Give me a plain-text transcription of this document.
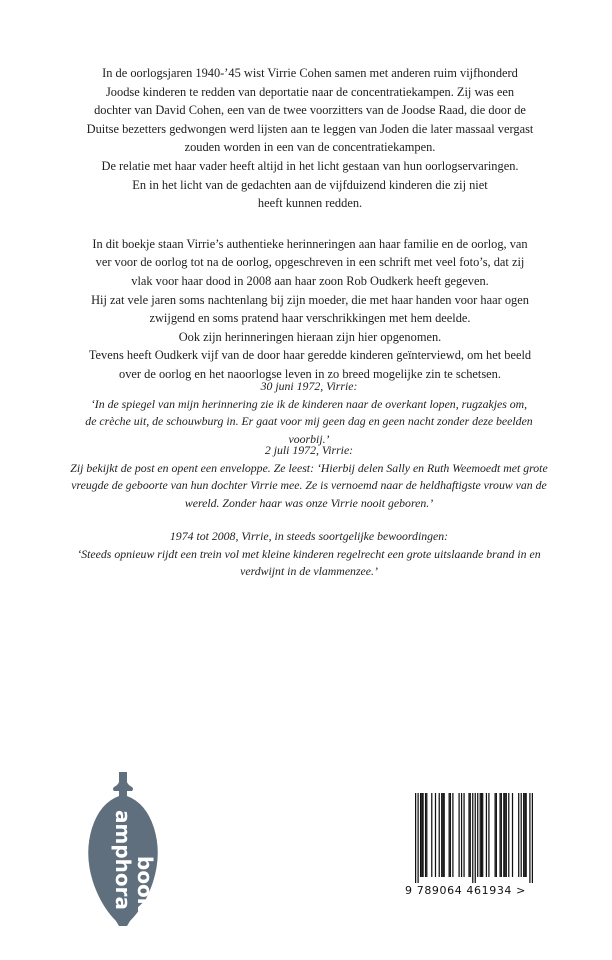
In de oorlogsjaren 1940-’45 wist Virrie Cohen samen met anderen ruim vijfhonderd

Joodse kinderen te redden van deportatie naar de concentratiekampen. Zij was een

dochter van David Cohen, een van de twee voorzitters van de Joodse Raad, die door de

Duitse bezetters gedwongen werd lijsten aan te leggen van Joden die later massaal vergast

zouden worden in een van de concentratiekampen.

De relatie met haar vader heeft altijd in het licht gestaan van hun oorlogservaringen.

En in het licht van de gedachten aan de vijfduizend kinderen die zij niet

heeft kunnen redden.

In dit boekje staan Virrie’s authentieke herinneringen aan haar familie en de oorlog, van

ver voor de oorlog tot na de oorlog, opgeschreven in een schrift met veel foto’s, dat zij

vlak voor haar dood in 2008 aan haar zoon Rob Oudkerk heeft gegeven.

Hij zat vele jaren soms nachtenlang bij zijn moeder, die met haar handen voor haar ogen

zwijgend en soms pratend haar verschrikkingen met hem deelde.

Ook zijn herinneringen hieraan zijn hier opgenomen.

Tevens heeft Oudkerk vijf van de door haar geredde kinderen geïnterviewd, om het beeld

over de oorlog en het naoorlogse leven in zo breed mogelijke zin te schetsen.

30 juni 1972, Virrie:
‘In de spiegel van mijn herinnering zie ik de kinderen naar de overkant lopen, rugzakjes om,
de crèche uit, de schouwburg in. Er gaat voor mij geen dag en geen nacht zonder deze beelden voorbij.’
2 juli 1972, Virrie:
Zij bekijkt de post en opent een enveloppe. Ze leest: ‘Hierbij delen Sally en Ruth Weemoedt met grote
vreugde de geboorte van hun dochter Virrie mee. Ze is vernoemd naar de heldhaftigste vrouw van de
wereld. Zonder haar was onze Virrie nooit geboren.’
1974 tot 2008, Virrie, in steeds soortgelijke bewoordingen:
‘Steeds opnieuw rijdt een trein vol met kleine kinderen regelrecht een grote uitslaande brand in en
verdwijnt in de vlammenzee.’
amphora
books	9 789064 461934 >
